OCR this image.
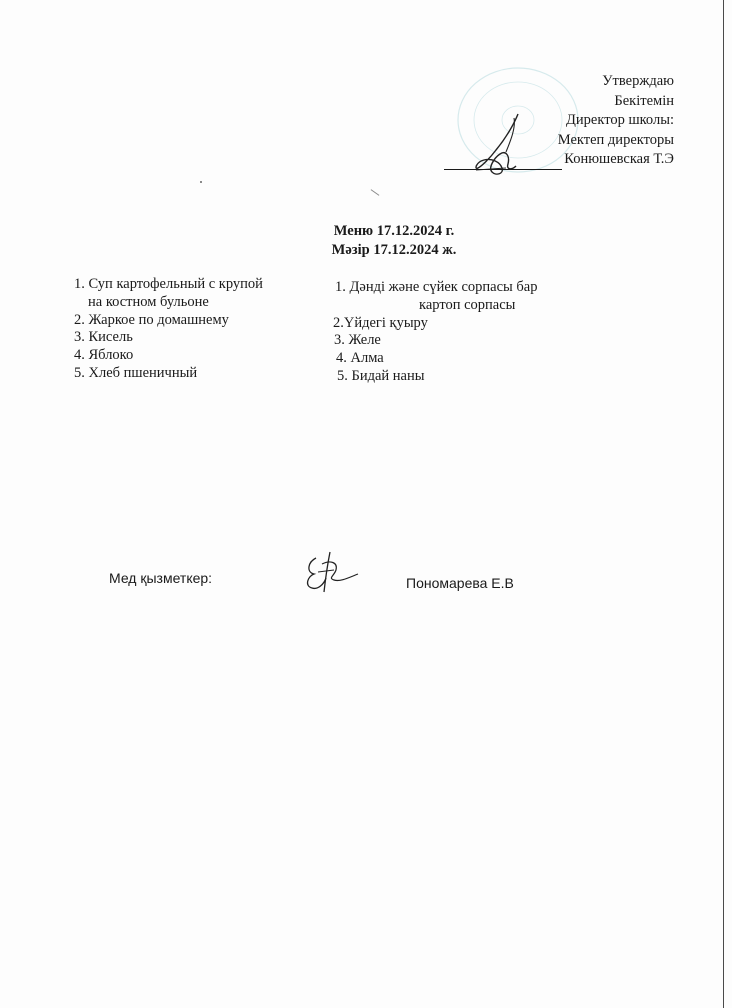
Утверждаю
Бекітемін
Директор школы:
Мектеп директоры
Конюшевская Т.Э
Меню 17.12.2024 г.
Мәзір 17.12.2024 ж.
1. Суп картофельный с крупой
на костном бульоне
2. Жаркое по домашнему
3. Кисель
4. Яблоко
5. Хлеб пшеничный
1. Дәнді және сүйек сорпасы бар
картоп сорпасы
2.Үйдегі қуыру
3. Желе
4. Алма
5. Бидай наны
Мед қызметкер:	Пономарева Е.В
